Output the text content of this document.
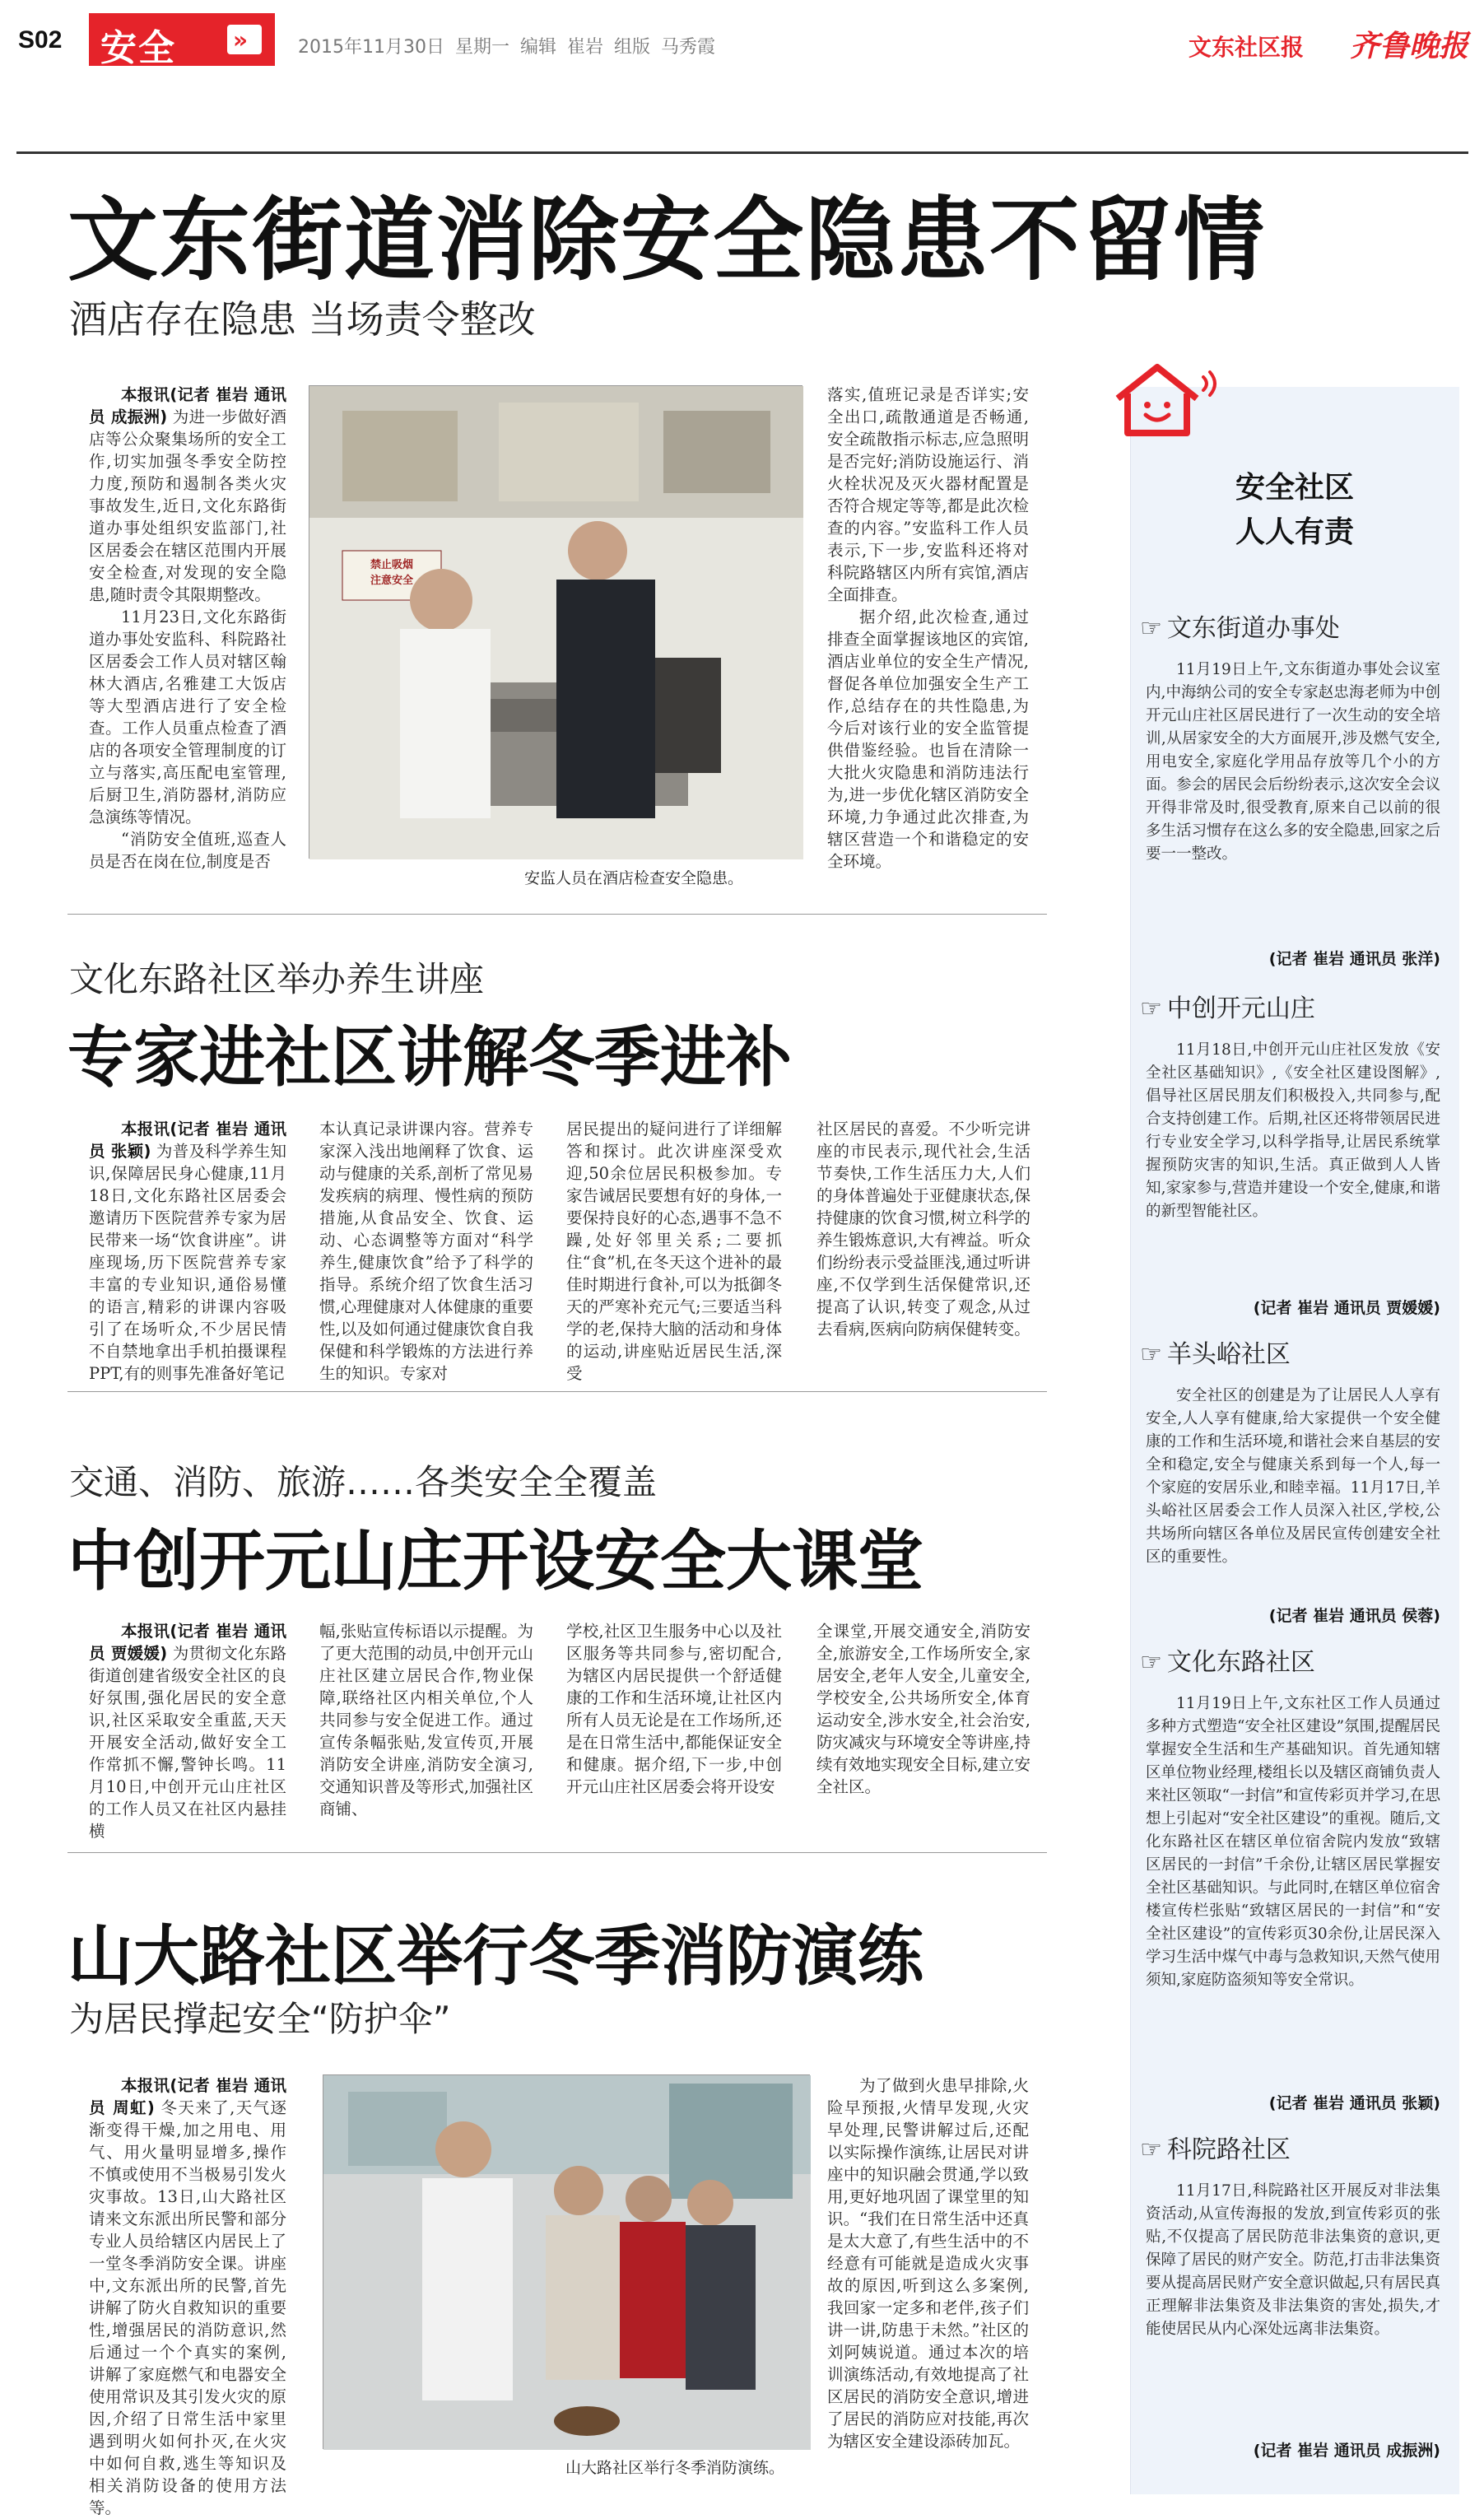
S02 安全 »	2015年11月30日 星期一 编辑 崔岩 组版 马秀霞	文东社区报 齐鲁晚报
文东街道消除安全隐患不留情
酒店存在隐患 当场责令整改

本报讯(记者 崔岩 通讯员 成振洲) 为进一步做好酒店等公众聚集场所的安全工作,切实加强冬季安全防控力度,预防和遏制各类火灾事故发生,近日,文化东路街道办事处组织安监部门,社区居委会在辖区范围内开展安全检查,对发现的安全隐患,随时责令其限期整改。

11月23日,文化东路街道办事处安监科、科院路社区居委会工作人员对辖区翰林大酒店,名雅建工大饭店等大型酒店进行了安全检查。工作人员重点检查了酒店的各项安全管理制度的订立与落实,高压配电室管理,后厨卫生,消防器材,消防应急演练等情况。

“消防安全值班,巡查人员是否在岗在位,制度是否

禁止吸烟
注意安全
安监人员在酒店检查安全隐患。

落实,值班记录是否详实;安全出口,疏散通道是否畅通,安全疏散指示标志,应急照明是否完好;消防设施运行、消火栓状况及灭火器材配置是否符合规定等等,都是此次检查的内容。”安监科工作人员表示,下一步,安监科还将对科院路辖区内所有宾馆,酒店全面排查。

据介绍,此次检查,通过排查全面掌握该地区的宾馆,酒店业单位的安全生产情况,督促各单位加强安全生产工作,总结存在的共性隐患,为今后对该行业的安全监管提供借鉴经验。也旨在清除一大批火灾隐患和消防违法行为,进一步优化辖区消防安全环境,力争通过此次排查,为辖区营造一个和谐稳定的安全环境。

文化东路社区举办养生讲座
专家进社区讲解冬季进补

本报讯(记者 崔岩 通讯员 张颖) 为普及科学养生知识,保障居民身心健康,11月18日,文化东路社区居委会邀请历下医院营养专家为居民带来一场“饮食讲座”。讲座现场,历下医院营养专家丰富的专业知识,通俗易懂的语言,精彩的讲课内容吸引了在场听众,不少居民情不自禁地拿出手机拍摄课程PPT,有的则事先准备好笔记

本认真记录讲课内容。营养专家深入浅出地阐释了饮食、运动与健康的关系,剖析了常见易发疾病的病理、慢性病的预防措施,从食品安全、饮食、运动、心态调整等方面对“科学养生,健康饮食”给予了科学的指导。系统介绍了饮食生活习惯,心理健康对人体健康的重要性,以及如何通过健康饮食自我保健和科学锻炼的方法进行养生的知识。专家对

居民提出的疑问进行了详细解答和探讨。此次讲座深受欢迎,50余位居民积极参加。专家告诫居民要想有好的身体,一要保持良好的心态,遇事不急不躁,处好邻里关系;二要抓住“食”机,在冬天这个进补的最佳时期进行食补,可以为抵御冬天的严寒补充元气;三要适当科学的老,保持大脑的活动和身体的运动,讲座贴近居民生活,深受

社区居民的喜爱。不少听完讲座的市民表示,现代社会,生活节奏快,工作生活压力大,人们的身体普遍处于亚健康状态,保持健康的饮食习惯,树立科学的养生锻炼意识,大有裨益。听众们纷纷表示受益匪浅,通过听讲座,不仅学到生活保健常识,还提高了认识,转变了观念,从过去看病,医病向防病保健转变。

交通、消防、旅游……各类安全全覆盖
中创开元山庄开设安全大课堂

本报讯(记者 崔岩 通讯员 贾媛媛) 为贯彻文化东路街道创建省级安全社区的良好氛围,强化居民的安全意识,社区采取安全重蓝,天天开展安全活动,做好安全工作常抓不懈,警钟长鸣。11月10日,中创开元山庄社区的工作人员又在社区内悬挂横

幅,张贴宣传标语以示提醒。为了更大范围的动员,中创开元山庄社区建立居民合作,物业保障,联络社区内相关单位,个人共同参与安全促进工作。通过宣传条幅张贴,发宣传页,开展消防安全讲座,消防安全演习,交通知识普及等形式,加强社区商铺、

学校,社区卫生服务中心以及社区服务等共同参与,密切配合,为辖区内居民提供一个舒适健康的工作和生活环境,让社区内所有人员无论是在工作场所,还是在日常生活中,都能保证安全和健康。据介绍,下一步,中创开元山庄社区居委会将开设安

全课堂,开展交通安全,消防安全,旅游安全,工作场所安全,家居安全,老年人安全,儿童安全,学校安全,公共场所安全,体育运动安全,涉水安全,社会治安,防灾减灾与环境安全等讲座,持续有效地实现安全目标,建立安全社区。

山大路社区举行冬季消防演练
为居民撑起安全“防护伞”

本报讯(记者 崔岩 通讯员 周虹) 冬天来了,天气逐渐变得干燥,加之用电、用气、用火量明显增多,操作不慎或使用不当极易引发火灾事故。13日,山大路社区请来文东派出所民警和部分专业人员给辖区内居民上了一堂冬季消防安全课。讲座中,文东派出所的民警,首先讲解了防火自救知识的重要性,增强居民的消防意识,然后通过一个个真实的案例,讲解了家庭燃气和电器安全使用常识及其引发火灾的原因,介绍了日常生活中家里遇到明火如何扑灭,在火灾中如何自救,逃生等知识及相关消防设备的使用方法等。

山大路社区举行冬季消防演练。

为了做到火患早排除,火险早预报,火情早发现,火灾早处理,民警讲解过后,还配以实际操作演练,让居民对讲座中的知识融会贯通,学以致用,更好地巩固了课堂里的知识。“我们在日常生活中还真是太大意了,有些生活中的不经意有可能就是造成火灾事故的原因,听到这么多案例,我回家一定多和老伴,孩子们讲一讲,防患于未然。”社区的刘阿姨说道。通过本次的培训演练活动,有效地提高了社区居民的消防安全意识,增进了居民的消防应对技能,再次为辖区安全建设添砖加瓦。

安全社区
人人有责
☞ 文东街道办事处

11月19日上午,文东街道办事处会议室内,中海纳公司的安全专家赵忠海老师为中创开元山庄社区居民进行了一次生动的安全培训,从居家安全的大方面展开,涉及燃气安全,用电安全,家庭化学用品存放等几个小的方面。参会的居民会后纷纷表示,这次安全会议开得非常及时,很受教育,原来自己以前的很多生活习惯存在这么多的安全隐患,回家之后要一一整改。

(记者 崔岩 通讯员 张洋)
☞ 中创开元山庄

11月18日,中创开元山庄社区发放《安全社区基础知识》,《安全社区建设图解》,倡导社区居民朋友们积极投入,共同参与,配合支持创建工作。后期,社区还将带领居民进行专业安全学习,以科学指导,让居民系统掌握预防灾害的知识,生活。真正做到人人皆知,家家参与,营造并建设一个安全,健康,和谐的新型智能社区。

(记者 崔岩 通讯员 贾媛媛)
☞ 羊头峪社区

安全社区的创建是为了让居民人人享有安全,人人享有健康,给大家提供一个安全健康的工作和生活环境,和谐社会来自基层的安全和稳定,安全与健康关系到每一个人,每一个家庭的安居乐业,和睦幸福。11月17日,羊头峪社区居委会工作人员深入社区,学校,公共场所向辖区各单位及居民宣传创建安全社区的重要性。

(记者 崔岩 通讯员 侯蓉)
☞ 文化东路社区

11月19日上午,文东社区工作人员通过多种方式塑造“安全社区建设”氛围,提醒居民掌握安全生活和生产基础知识。首先通知辖区单位物业经理,楼组长以及辖区商铺负责人来社区领取“一封信”和宣传彩页并学习,在思想上引起对“安全社区建设”的重视。随后,文化东路社区在辖区单位宿舍院内发放“致辖区居民的一封信”千余份,让辖区居民掌握安全社区基础知识。与此同时,在辖区单位宿舍楼宣传栏张贴“致辖区居民的一封信”和“安全社区建设”的宣传彩页30余份,让居民深入学习生活中煤气中毒与急救知识,天然气使用须知,家庭防盗须知等安全常识。

(记者 崔岩 通讯员 张颖)
☞ 科院路社区

11月17日,科院路社区开展反对非法集资活动,从宣传海报的发放,到宣传彩页的张贴,不仅提高了居民防范非法集资的意识,更保障了居民的财产安全。防范,打击非法集资要从提高居民财产安全意识做起,只有居民真正理解非法集资及非法集资的害处,损失,才能使居民从内心深处远离非法集资。

(记者 崔岩 通讯员 成振洲)
